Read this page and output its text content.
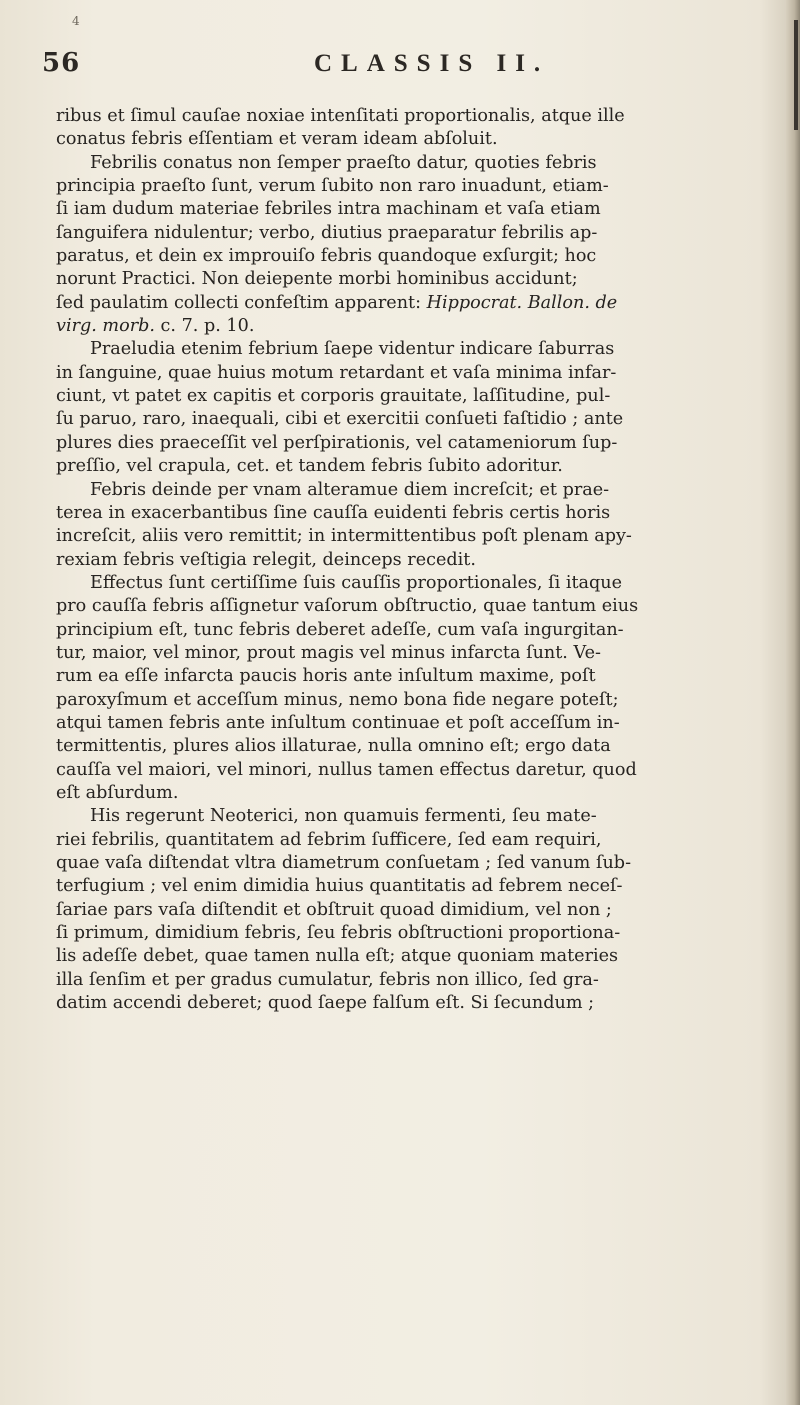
4
56	CLASSIS II.
ribus et ſimul cauſae noxiae intenſitati proportionalis, atque ille
conatus febris eſſentiam et veram ideam abſoluit.
Febrilis conatus non ſemper praeſto datur, quoties febris
principia praeſto ſunt, verum ſubito non raro inuadunt, etiam-
ſi iam dudum materiae febriles intra machinam et vaſa etiam
ſanguifera nidulentur; verbo, diutius praeparatur febrilis ap-
paratus, et dein ex improuiſo febris quandoque exſurgit; hoc
norunt Practici. Non deiepente morbi hominibus accidunt;
ſed paulatim collecti confeſtim apparent: Hippocrat. Ballon. de
virg. morb. c. 7. p. 10.
Praeludia etenim febrium ſaepe videntur indicare ſaburras
in ſanguine, quae huius motum retardant et vaſa minima infar-
ciunt, vt patet ex capitis et corporis grauitate, laſſitudine, pul-
ſu paruo, raro, inaequali, cibi et exercitii conſueti faſtidio ; ante
plures dies praeceſſit vel perſpirationis, vel catameniorum ſup-
preſſio, vel crapula, cet. et tandem febris ſubito adoritur.
Febris deinde per vnam alteramue diem increſcit; et prae-
terea in exacerbantibus ſine cauſſa euidenti febris certis horis
increſcit, aliis vero remittit; in intermittentibus poſt plenam apy-
rexiam febris veſtigia relegit, deinceps recedit.
Effectus ſunt certiſſime ſuis cauſſis proportionales, ſi itaque
pro cauſſa febris aſſignetur vaſorum obſtructio, quae tantum eius
principium eſt, tunc febris deberet adeſſe, cum vaſa ingurgitan-
tur, maior, vel minor, prout magis vel minus infarcta ſunt. Ve-
rum ea eſſe infarcta paucis horis ante inſultum maxime, poſt
paroxyſmum et acceſſum minus, nemo bona fide negare poteſt;
atqui tamen febris ante inſultum continuae et poſt acceſſum in-
termittentis, plures alios illaturae, nulla omnino eſt; ergo data
cauſſa vel maiori, vel minori, nullus tamen effectus daretur, quod
eſt abſurdum.
His regerunt Neoterici, non quamuis fermenti, ſeu mate-
riei febrilis, quantitatem ad febrim ſufficere, ſed eam requiri,
quae vaſa diſtendat vltra diametrum conſuetam ; ſed vanum ſub-
terfugium ; vel enim dimidia huius quantitatis ad febrem neceſ-
ſariae pars vaſa diſtendit et obſtruit quoad dimidium, vel non ;
ſi primum, dimidium febris, ſeu febris obſtructioni proportiona-
lis adeſſe debet, quae tamen nulla eſt; atque quoniam materies
illa ſenſim et per gradus cumulatur, febris non illico, ſed gra-
datim accendi deberet; quod ſaepe falſum eſt. Si ſecundum ;
